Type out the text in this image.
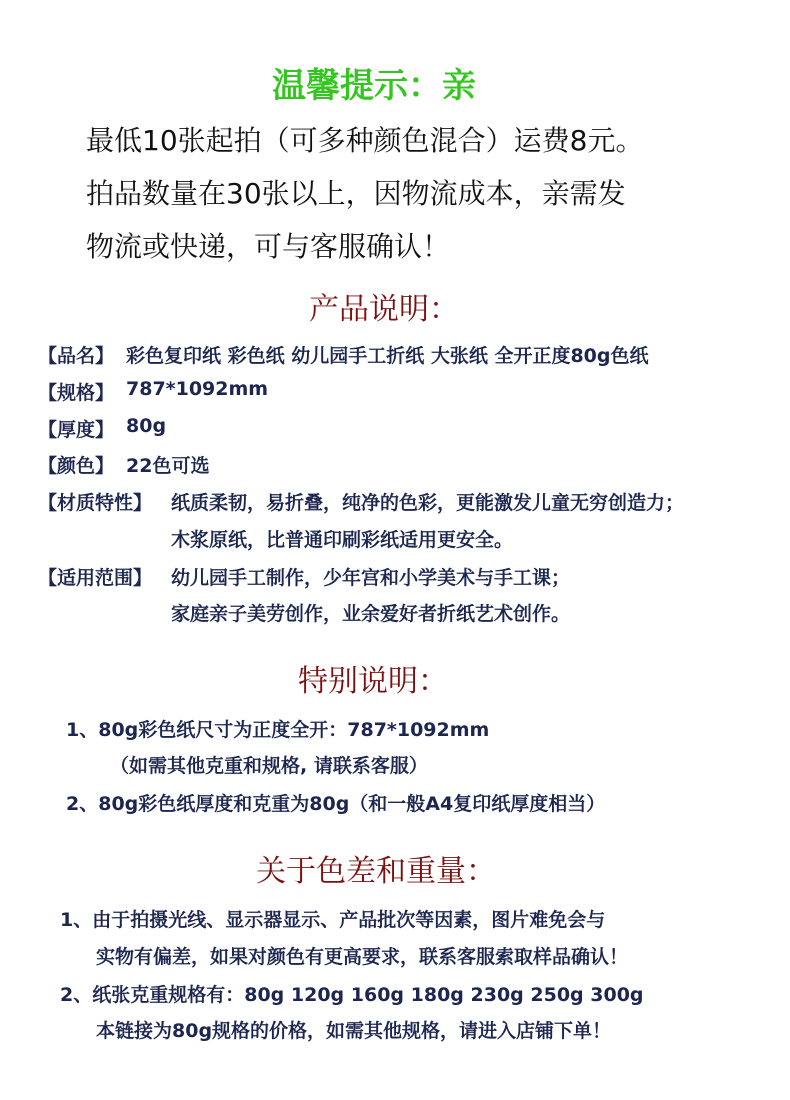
温馨提示：亲
最低10张起拍（可多种颜色混合）运费8元。
拍品数量在30张以上，因物流成本，亲需发
物流或快递，可与客服确认！
产品说明：
【品名】 彩色复印纸 彩色纸 幼儿园手工折纸 大张纸 全开正度80g色纸
【规格】 787*1092mm
【厚度】 80g
【颜色】 22色可选
【材质特性】 纸质柔韧，易折叠，纯净的色彩，更能激发儿童无穷创造力；
木浆原纸，比普通印刷彩纸适用更安全。
【适用范围】 幼儿园手工制作，少年宫和小学美术与手工课；
家庭亲子美劳创作，业余爱好者折纸艺术创作。
特别说明：
1、80g彩色纸尺寸为正度全开：787*1092mm
（如需其他克重和规格, 请联系客服）
2、80g彩色纸厚度和克重为80g（和一般A4复印纸厚度相当）
关于色差和重量：
1、由于拍摄光线、显示器显示、产品批次等因素，图片难免会与
实物有偏差，如果对颜色有更高要求，联系客服索取样品确认！
2、纸张克重规格有：80g 120g 160g 180g 230g 250g 300g
本链接为80g规格的价格，如需其他规格，请进入店铺下单！
